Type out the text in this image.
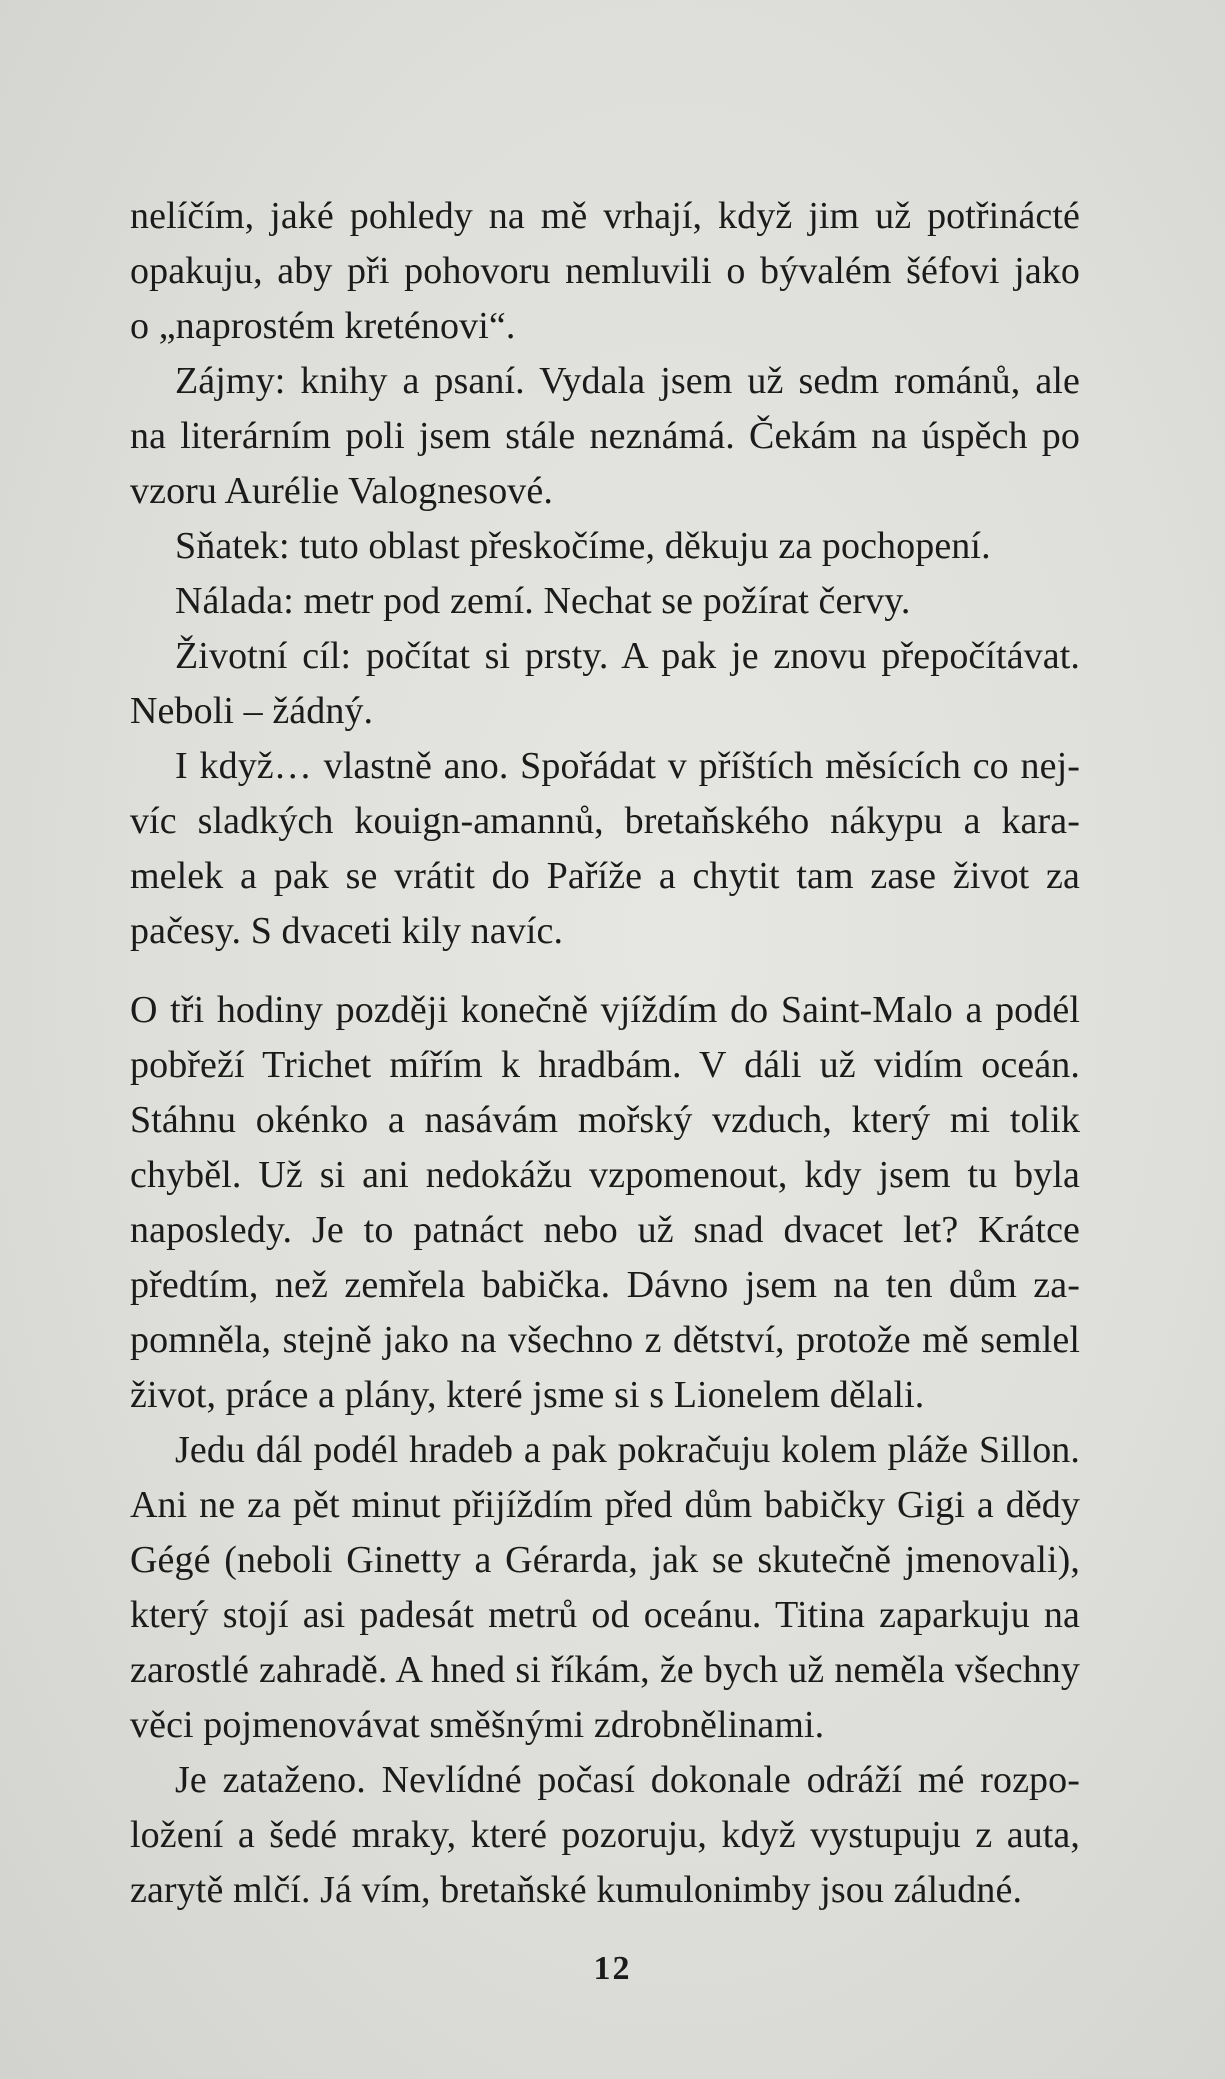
nelíčím, jaké pohledy na mě vrhají, když jim už potřinácté
opakuju, aby při pohovoru nemluvili o bývalém šéfovi jako
o „naprostém kreténovi“.
Zájmy: knihy a psaní. Vydala jsem už sedm románů, ale
na literárním poli jsem stále neznámá. Čekám na úspěch po
vzoru Aurélie Valognesové.
Sňatek: tuto oblast přeskočíme, děkuju za pochopení.
Nálada: metr pod zemí. Nechat se požírat červy.
Životní cíl: počítat si prsty. A pak je znovu přepočítávat.
Neboli – žádný.
I když… vlastně ano. Spořádat v příštích měsících co nej-
víc sladkých kouign-amannů, bretaňského nákypu a kara-
melek a pak se vrátit do Paříže a chytit tam zase život za
pačesy. S dvaceti kily navíc.
O tři hodiny později konečně vjíždím do Saint-Malo a podél
pobřeží Trichet mířím k hradbám. V dáli už vidím oceán.
Stáhnu okénko a nasávám mořský vzduch, který mi tolik
chyběl. Už si ani nedokážu vzpomenout, kdy jsem tu byla
naposledy. Je to patnáct nebo už snad dvacet let? Krátce
předtím, než zemřela babička. Dávno jsem na ten dům za-
pomněla, stejně jako na všechno z dětství, protože mě semlel
život, práce a plány, které jsme si s Lionelem dělali.
Jedu dál podél hradeb a pak pokračuju kolem pláže Sillon.
Ani ne za pět minut přijíždím před dům babičky Gigi a dědy
Gégé (neboli Ginetty a Gérarda, jak se skutečně jmenovali),
který stojí asi padesát metrů od oceánu. Titina zaparkuju na
zarostlé zahradě. A hned si říkám, že bych už neměla všechny
věci pojmenovávat směšnými zdrobnělinami.
Je zataženo. Nevlídné počasí dokonale odráží mé rozpo-
ložení a šedé mraky, které pozoruju, když vystupuju z auta,
zarytě mlčí. Já vím, bretaňské kumulonimby jsou záludné.
12
